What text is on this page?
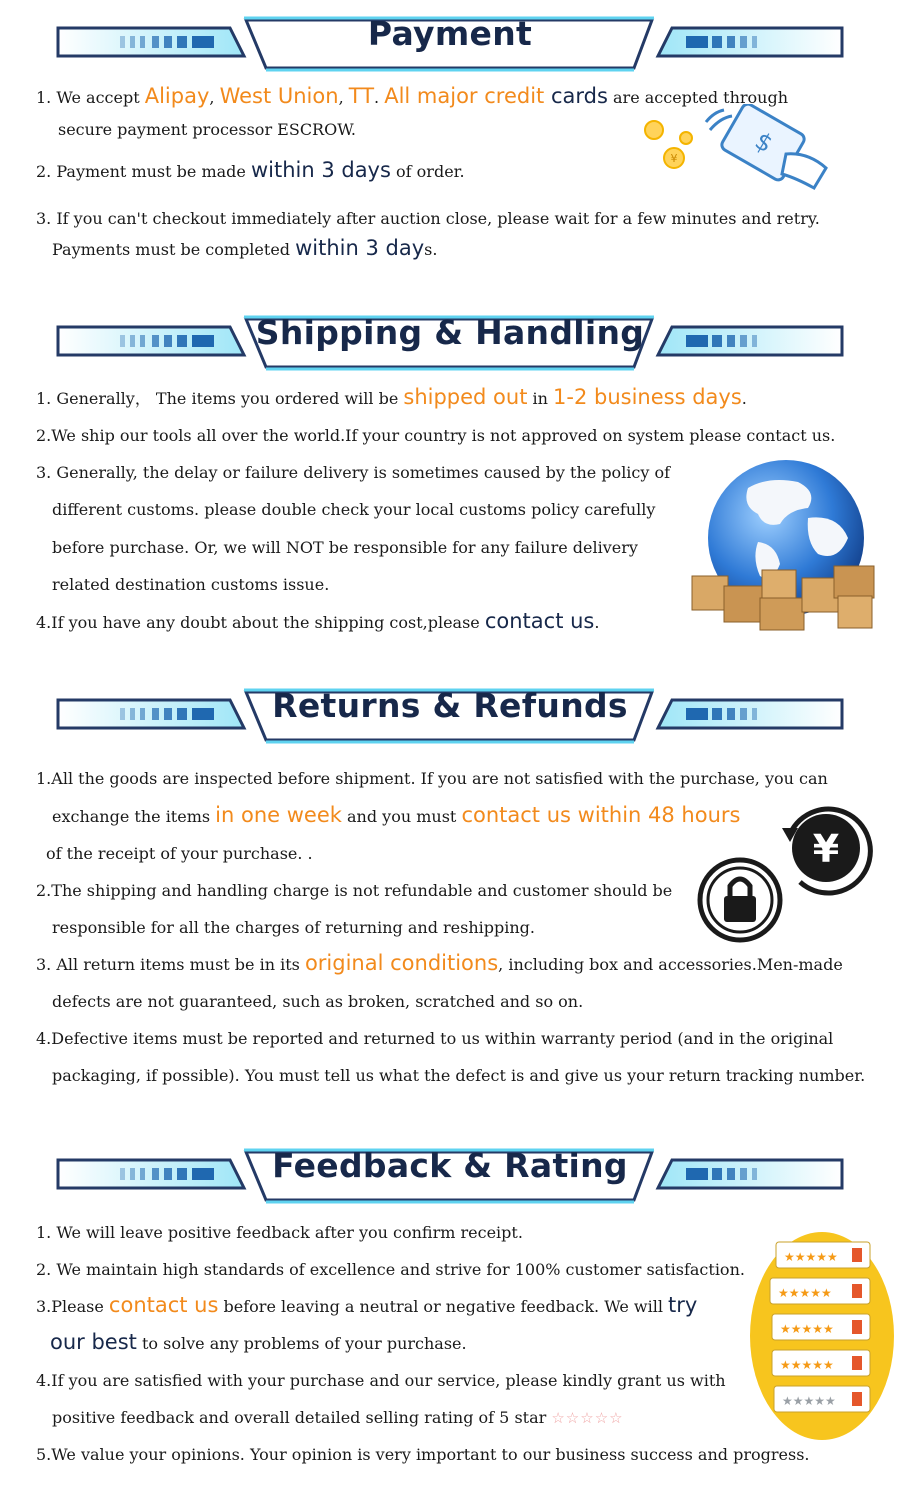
Payment
1. We accept Alipay, West Union, TT. All major credit cards are accepted through
secure payment processor ESCROW.
2. Payment must be made within 3 days of order.
3. If you can't checkout immediately after auction close, please wait for a few minutes and retry.
Payments must be completed within 3 days.
¥
$
Shipping & Handling
1. Generally， The items you ordered will be shipped out in 1-2 business days.
2.We ship our tools all over the world.If your country is not approved on system please contact us.
3. Generally, the delay or failure delivery is sometimes caused by the policy of
different customs. please double check your local customs policy carefully
before purchase. Or, we will NOT be responsible for any failure delivery
related destination customs issue.
4.If you have any doubt about the shipping cost,please contact us.
Returns & Refunds
1.All the goods are inspected before shipment. If you are not satisfied with the purchase, you can
exchange the items in one week and you must contact us within 48 hours
of the receipt of your purchase. .
2.The shipping and handling charge is not refundable and customer should be
responsible for all the charges of returning and reshipping.
3. All return items must be in its original conditions, including box and accessories.Men-made
defects are not guaranteed, such as broken, scratched and so on.
4.Defective items must be reported and returned to us within warranty period (and in the original
packaging, if possible). You must tell us what the defect is and give us your return tracking number.
¥
Feedback & Rating
1. We will leave positive feedback after you confirm receipt.
2. We maintain high standards of excellence and strive for 100% customer satisfaction.
3.Please contact us before leaving a neutral or negative feedback. We will try
our best to solve any problems of your purchase.
4.If you are satisfied with your purchase and our service, please kindly grant us with
positive feedback and overall detailed selling rating of 5 star ☆☆☆☆☆
5.We value your opinions. Your opinion is very important to our business success and progress.
★★★★★
★★★★★
★★★★★
★★★★★
★★★★★
